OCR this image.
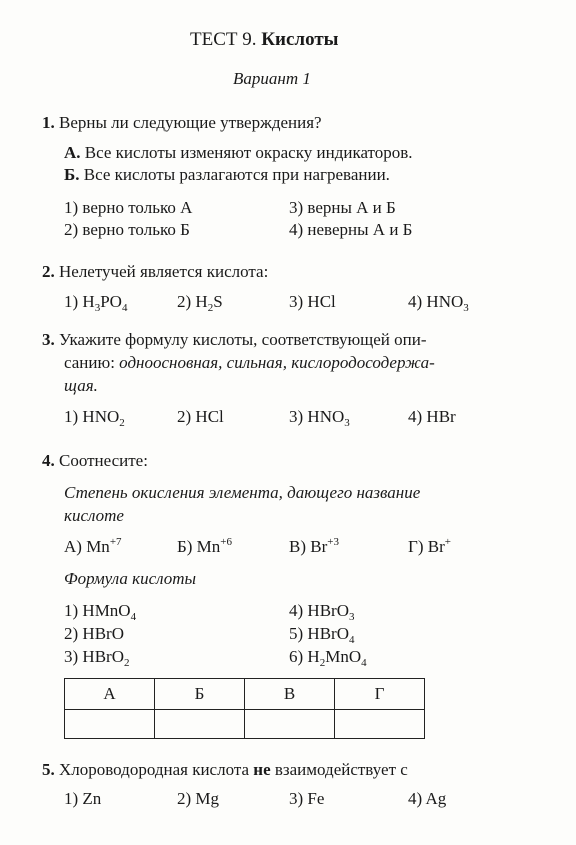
ТЕСТ 9. Кислоты
Вариант 1
1. Верны ли следующие утверждения?
А. Все кислоты изменяют окраску индикаторов.
Б. Все кислоты разлагаются при нагревании.
1) верно только А
2) верно только Б
3) верны А и Б
4) неверны А и Б
2. Нелетучей является кислота:
1) $H_3PO_4$	2) $H_2S$	3) HCl	4) $HNO_3$
3. Укажите формулу кислоты, соответствующей опи-
санию: одноосновная, сильная, кислородосодержа-
щая.
1) $HNO_2$	2) HCl	3) $HNO_3$	4) HBr
4. Соотнесите:
Степень окисления элемента, дающего название
кислоте
А) $Mn^{+7}$	Б) $Mn^{+6}$	В) $Br^{+3}$	Г) Br+
Формула кислоты
1) HMnO$_4$
2) HBrO
3) HBrO$_2$
4) HBrO$_3$
5) HBrO$_4$
6) $H_2MnO_4$
А	Б	В	Г

5. Хлороводородная кислота не взаимодействует с
1) Zn	2) Mg	3) Fe	4) Ag
